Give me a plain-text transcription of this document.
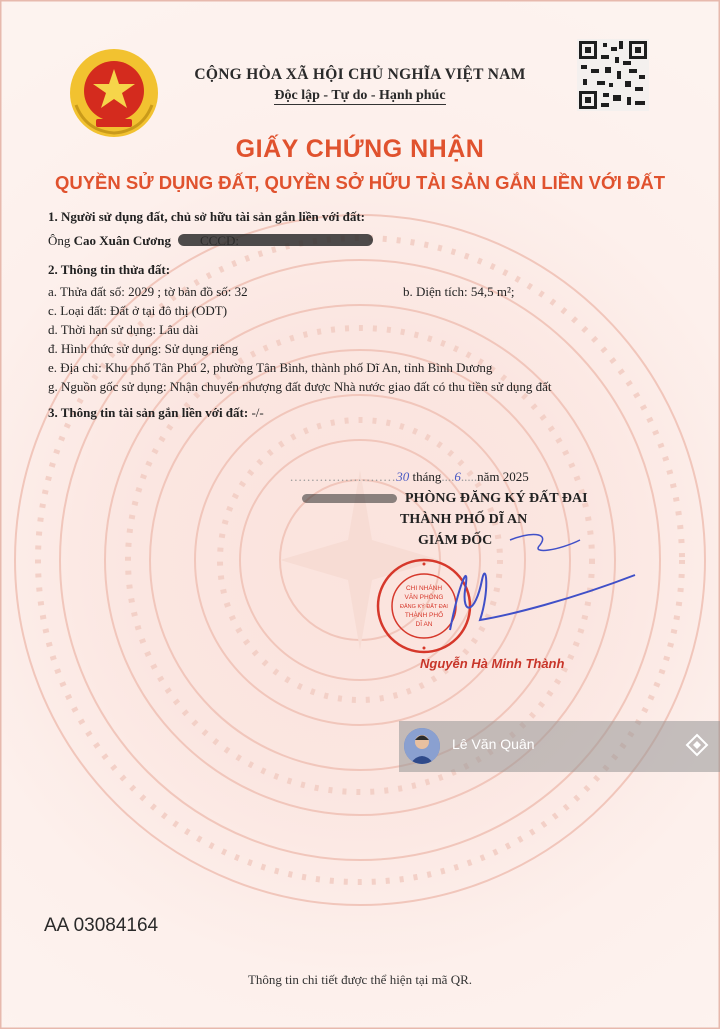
CỘNG HÒA XÃ HỘI CHỦ NGHĨA VIỆT NAM
Độc lập - Tự do - Hạnh phúc
GIẤY CHỨNG NHẬN
QUYỀN SỬ DỤNG ĐẤT, QUYỀN SỞ HỮU TÀI SẢN GẮN LIỀN VỚI ĐẤT
1. Người sử dụng đất, chủ sở hữu tài sản gắn liền với đất:
Ông Cao Xuân Cương
2. Thông tin thửa đất:
a. Thửa đất số: 2029 ; tờ bản đồ số: 32	b. Diện tích: 54,5 m²;
c. Loại đất: Đất ở tại đô thị (ODT)
d. Thời hạn sử dụng: Lâu dài
đ. Hình thức sử dụng: Sử dụng riêng
e. Địa chỉ: Khu phố Tân Phú 2, phường Tân Bình, thành phố Dĩ An, tỉnh Bình Dương
g. Nguồn gốc sử dụng: Nhận chuyển nhượng đất được Nhà nước giao đất có thu tiền sử dụng đất
3. Thông tin tài sản gắn liền với đất: -/-
.........................30 tháng....6.....năm 2025
PHÒNG ĐĂNG KÝ ĐẤT ĐAI
THÀNH PHỐ DĨ AN
GIÁM ĐỐC
CHI NHÁNH
VĂN PHÒNG
ĐĂNG KÝ ĐẤT ĐAI
THÀNH PHỐ
DĨ AN
Nguyễn Hà Minh Thành
Lê Văn Quân
AA 03084164
Thông tin chi tiết được thể hiện tại mã QR.
